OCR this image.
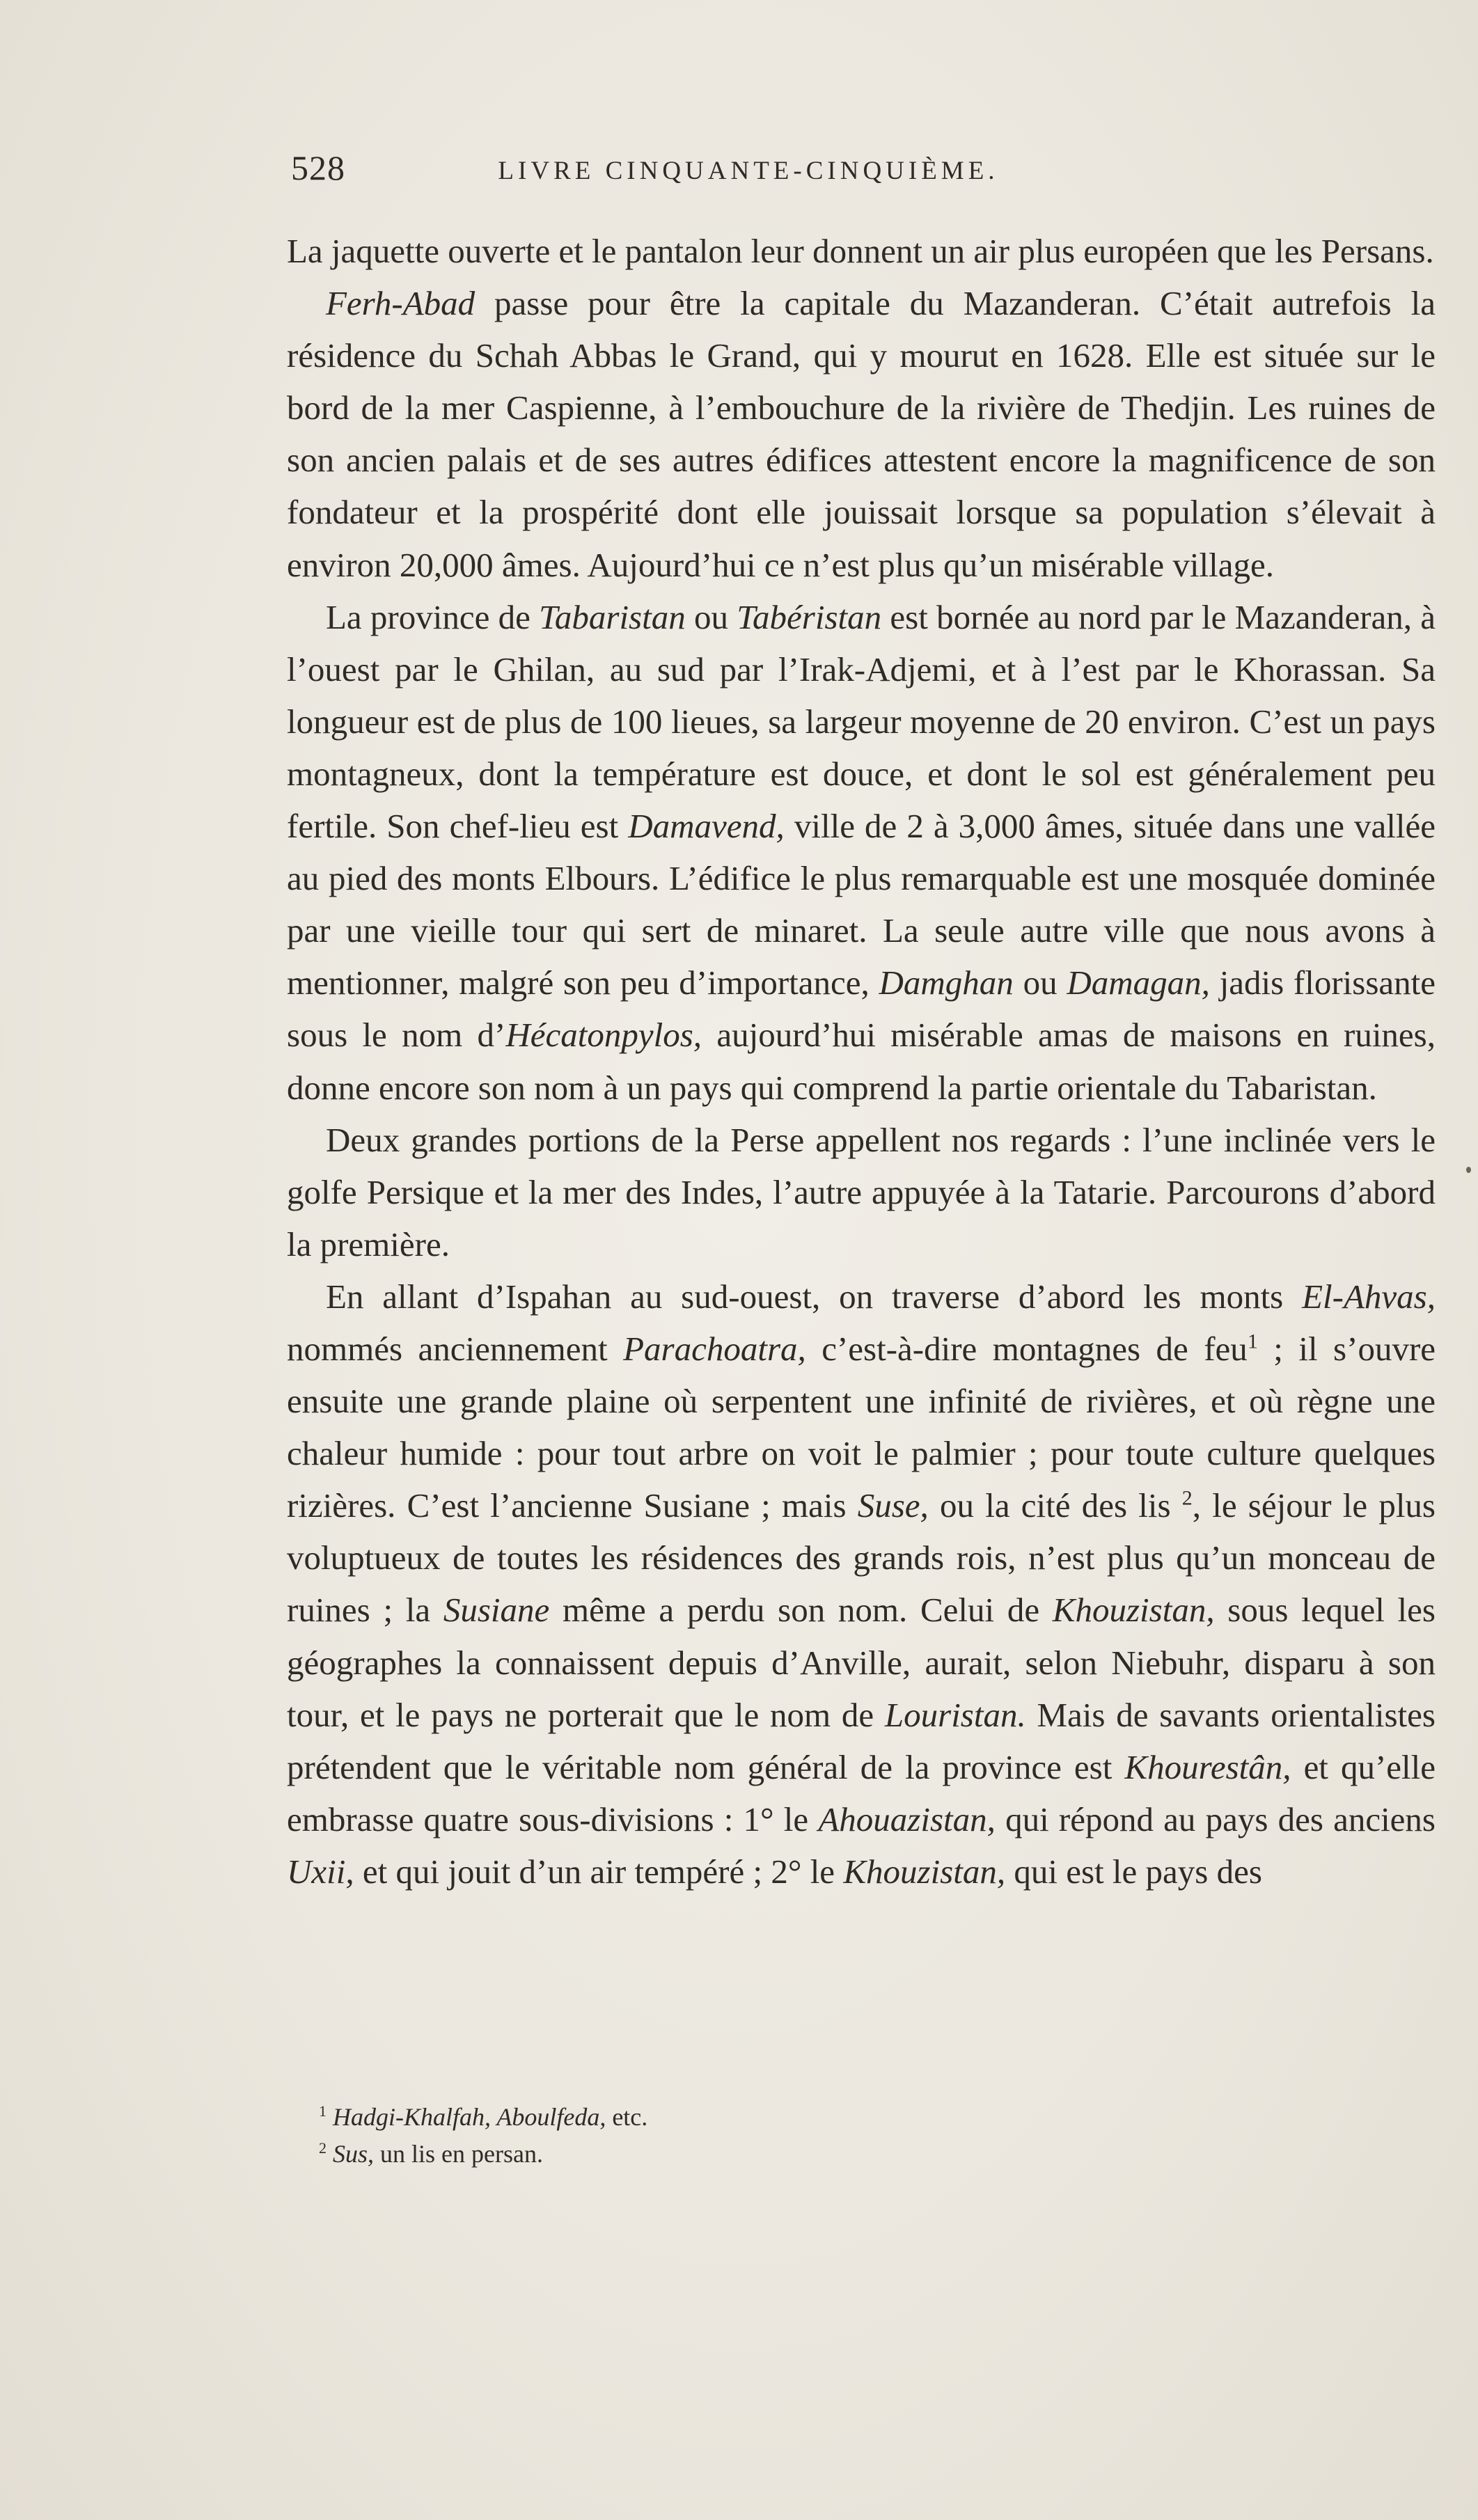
528	LIVRE CINQUANTE-CINQUIÈME.

La jaquette ouverte et le pantalon leur donnent un air plus européen que les Persans.

Ferh-Abad passe pour être la capitale du Mazanderan. C’était autrefois la résidence du Schah Abbas le Grand, qui y mourut en 1628. Elle est située sur le bord de la mer Caspienne, à l’embouchure de la rivière de Thedjin. Les ruines de son ancien palais et de ses autres édifices attestent encore la magnificence de son fondateur et la prospérité dont elle jouissait lorsque sa population s’élevait à environ 20,000 âmes. Aujourd’hui ce n’est plus qu’un misérable village.

La province de Tabaristan ou Tabéristan est bornée au nord par le Mazanderan, à l’ouest par le Ghilan, au sud par l’Irak-Adjemi, et à l’est par le Khorassan. Sa longueur est de plus de 100 lieues, sa largeur moyenne de 20 environ. C’est un pays montagneux, dont la température est douce, et dont le sol est généralement peu fertile. Son chef-lieu est Damavend, ville de 2 à 3,000 âmes, située dans une vallée au pied des monts Elbours. L’édifice le plus remarquable est une mosquée dominée par une vieille tour qui sert de minaret. La seule autre ville que nous avons à mentionner, malgré son peu d’importance, Damghan ou Damagan, jadis florissante sous le nom d’Hécatonpylos, aujourd’hui misérable amas de maisons en ruines, donne encore son nom à un pays qui comprend la partie orientale du Tabaristan.

Deux grandes portions de la Perse appellent nos regards : l’une inclinée vers le golfe Persique et la mer des Indes, l’autre appuyée à la Tatarie. Parcourons d’abord la première.

En allant d’Ispahan au sud-ouest, on traverse d’abord les monts El-Ahvas, nommés anciennement Parachoatra, c’est-à-dire montagnes de feu$^1$ ; il s’ouvre ensuite une grande plaine où serpentent une infinité de rivières, et où règne une chaleur humide : pour tout arbre on voit le palmier ; pour toute culture quelques rizières. C’est l’ancienne Susiane ; mais Suse, ou la cité des lis $^2$, le séjour le plus voluptueux de toutes les résidences des grands rois, n’est plus qu’un monceau de ruines ; la Susiane même a perdu son nom. Celui de Khouzistan, sous lequel les géographes la connaissent depuis d’Anville, aurait, selon Niebuhr, disparu à son tour, et le pays ne porterait que le nom de Louristan. Mais de savants orientalistes prétendent que le véritable nom général de la province est Khourestân, et qu’elle embrasse quatre sous-divisions : 1° le Ahouazistan, qui répond au pays des anciens Uxii, et qui jouit d’un air tempéré ; 2° le Khouzistan, qui est le pays des

$^1$ Hadgi-Khalfah, Aboulfeda, etc.

$^2$ Sus, un lis en persan.
